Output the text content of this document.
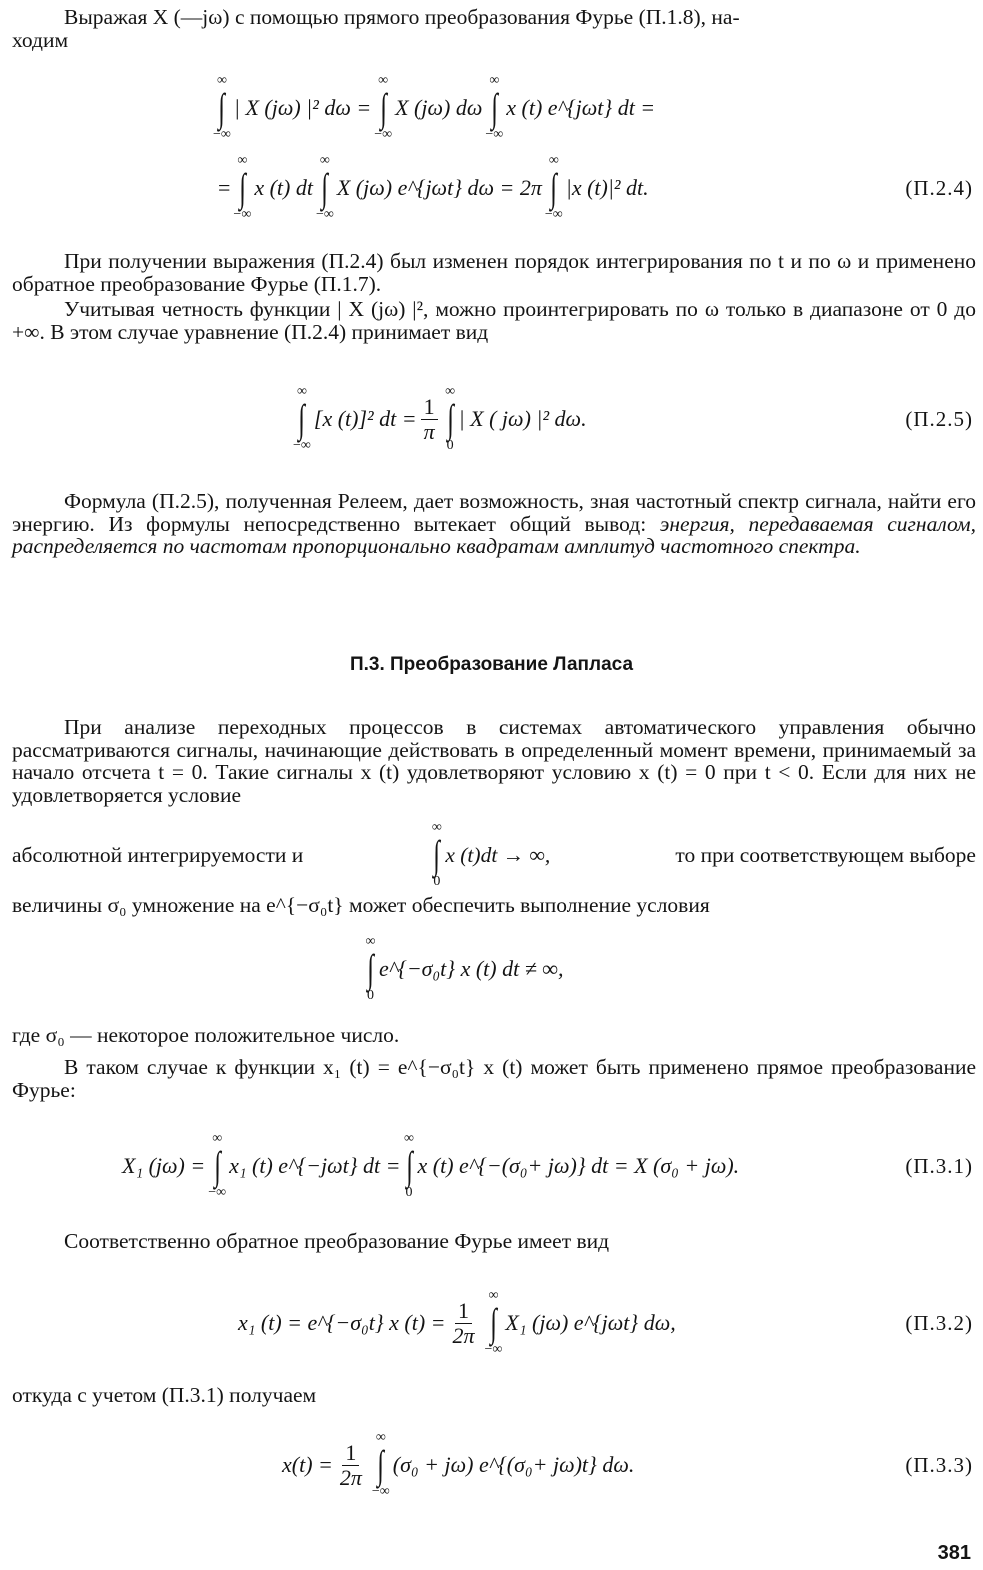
Выражая X (—jω) с помощью прямого преобразования Фурье (П.1.8), на-
ходим

∞
∫
−∞
| X (jω) |² dω =
∞
∫
−∞
X (jω) dω
∞
∫
−∞
x (t) e^{jωt} dt =
=
∞
∫
−∞
x (t) dt
∞
∫
−∞
X (jω) e^{jωt} dω = 2π
∞
∫
−∞
|x (t)|² dt.	(П.2.4)

При получении выражения (П.2.4) был изменен порядок интегрирования по t и по ω и применено обратное преобразование Фурье (П.1.7).

Учитывая четность функции | X (jω) |², можно проинтегрировать по ω только в диапазоне от 0 до +∞. В этом случае уравнение (П.2.4) принимает вид

∞
∫
−∞
[x (t)]² dt = $\frac{1}{\pi}$
∞
∫
0
| X ( jω) |² dω.	(П.2.5)

Формула (П.2.5), полученная Релеем, дает возможность, зная частотный спектр сигнала, найти его энергию. Из формулы непосредственно вытекает общий вывод: энергия, передаваемая сигналом, распределяется по частотам пропорционально квадратам амплитуд частотного спектра.

П.3. Преобразование Лапласа

При анализе переходных процессов в системах автоматического управления обычно рассматриваются сигналы, начинающие действовать в определенный момент времени, принимаемый за начало отсчета t = 0. Такие сигналы x (t) удовлетворяют условию x (t) = 0 при t < 0. Если для них не удовлетворяется условие

абсолютной интегрируемости и
∞
∫
0
x (t)dt → ∞,	то при соответствующем выборе

величины σ₀ умножение на e^{−σ₀t} может обеспечить выполнение условия

∞
∫
0
e^{−σ₀t} x (t) dt ≠ ∞,

где σ₀ — некоторое положительное число.

В таком случае к функции x₁ (t) = e^{−σ₀t} x (t) может быть применено прямое преобразование Фурье:

X₁ (jω) =
∞
∫
−∞
x₁ (t) e^{−jωt} dt =
∞
∫
0
x (t) e^{−(σ₀+ jω)} dt = X (σ₀ + jω).	(П.3.1)

Соответственно обратное преобразование Фурье имеет вид

x₁ (t) = e^{−σ₀t} x $(t) = \frac{1}{2\pi}$
∞
∫
−∞
X₁ (jω) e^{jωt} dω,	(П.3.2)

откуда с учетом (П.3.1) получаем

$x(t) = \frac{1}{2\pi}$
∞
∫
−∞
(σ₀ + jω) e^{(σ₀+ jω)t} dω.	(П.3.3)
381
